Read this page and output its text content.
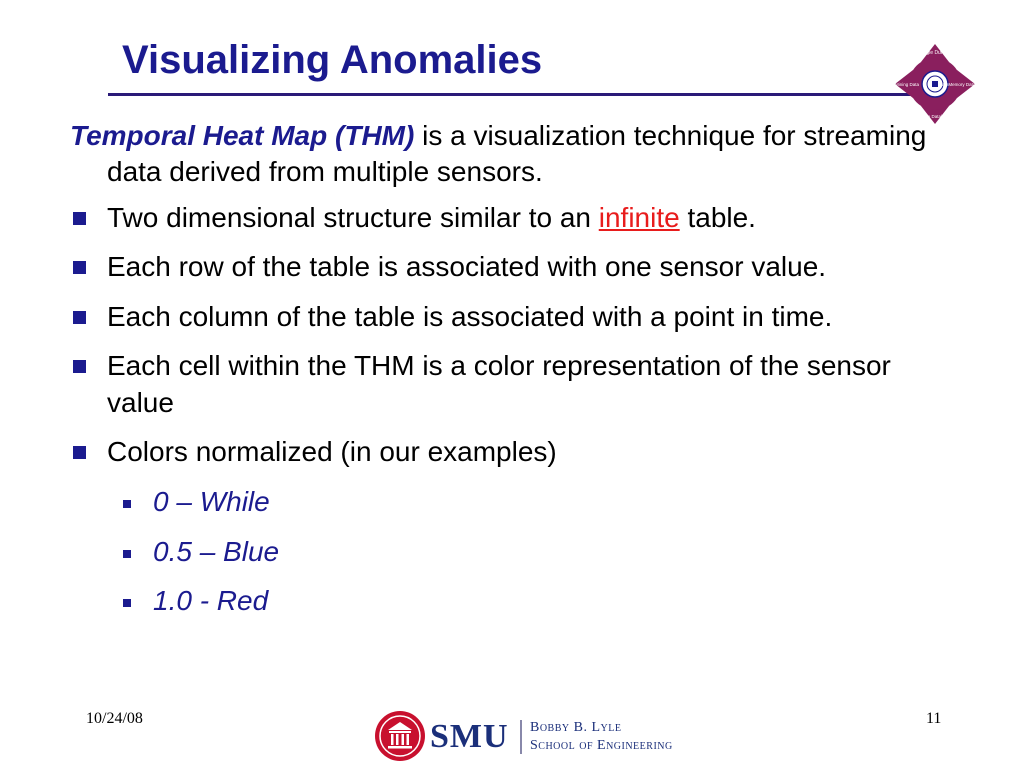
Visualizing Anomalies	Maggie Dunham
Mining Data	MainMemory Databases
Mobile Databases
Temporal Heat Map (THM) is a visualization technique for streaming data derived from multiple sensors.
Two dimensional structure similar to an infinite table.
Each row of the table is associated with one sensor value.
Each column of the table is associated with a point in time.
Each cell within the THM is a color representation of the sensor value
Colors normalized (in our examples)
0 – While
0.5 – Blue
1.0 - Red
10/24/08	11
SMU Bobby B. Lyle
School of Engineering
